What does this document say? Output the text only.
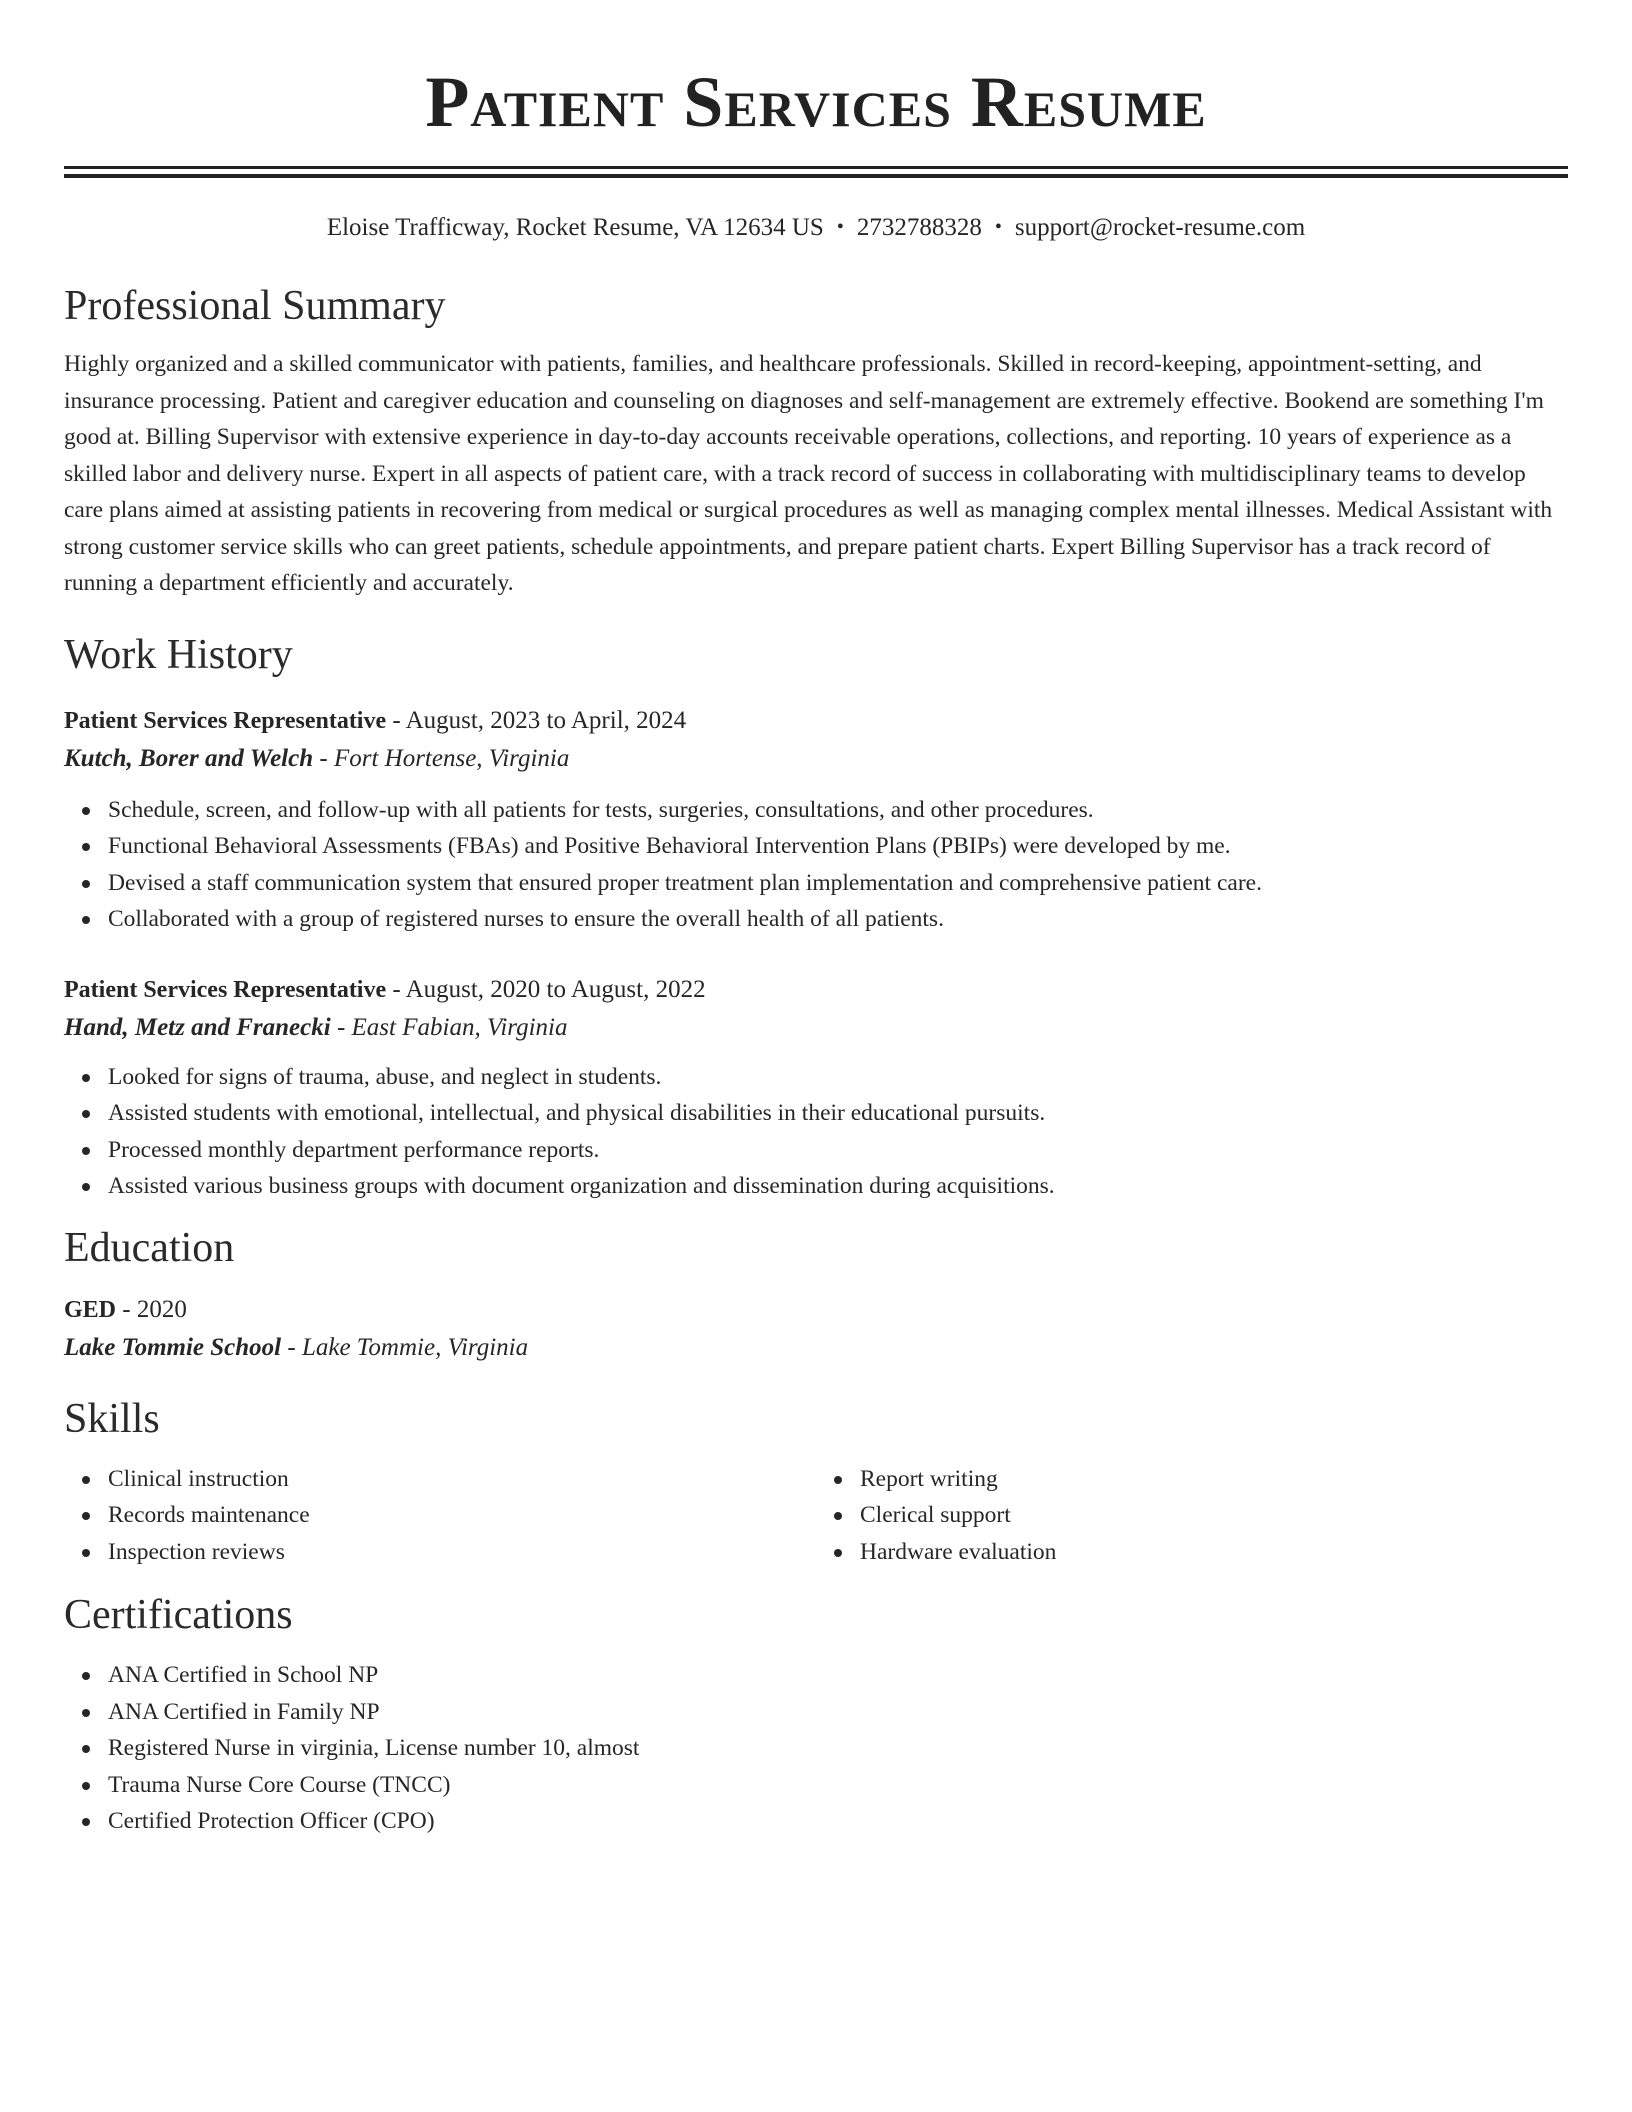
Patient Services Resume
Eloise Trafficway, Rocket Resume, VA 12634 US • 2732788328 • support@rocket-resume.com
Professional Summary

Highly organized and a skilled communicator with patients, families, and healthcare professionals. Skilled in record-keeping, appointment-setting, and insurance processing. Patient and caregiver education and counseling on diagnoses and self-management are extremely effective. Bookend are something I'm good at. Billing Supervisor with extensive experience in day-to-day accounts receivable operations, collections, and reporting. 10 years of experience as a skilled labor and delivery nurse. Expert in all aspects of patient care, with a track record of success in collaborating with multidisciplinary teams to develop care plans aimed at assisting patients in recovering from medical or surgical procedures as well as managing complex mental illnesses. Medical Assistant with strong customer service skills who can greet patients, schedule appointments, and prepare patient charts. Expert Billing Supervisor has a track record of running a department efficiently and accurately.

Work History
Patient Services Representative - August, 2023 to April, 2024
Kutch, Borer and Welch - Fort Hortense, Virginia
Schedule, screen, and follow-up with all patients for tests, surgeries, consultations, and other procedures.
Functional Behavioral Assessments (FBAs) and Positive Behavioral Intervention Plans (PBIPs) were developed by me.
Devised a staff communication system that ensured proper treatment plan implementation and comprehensive patient care.
Collaborated with a group of registered nurses to ensure the overall health of all patients.
Patient Services Representative - August, 2020 to August, 2022
Hand, Metz and Franecki - East Fabian, Virginia
Looked for signs of trauma, abuse, and neglect in students.
Assisted students with emotional, intellectual, and physical disabilities in their educational pursuits.
Processed monthly department performance reports.
Assisted various business groups with document organization and dissemination during acquisitions.
Education
GED - 2020
Lake Tommie School - Lake Tommie, Virginia
Skills
Clinical instruction
Records maintenance
Inspection reviews
Report writing
Clerical support
Hardware evaluation
Certifications
ANA Certified in School NP
ANA Certified in Family NP
Registered Nurse in virginia, License number 10, almost
Trauma Nurse Core Course (TNCC)
Certified Protection Officer (CPO)
